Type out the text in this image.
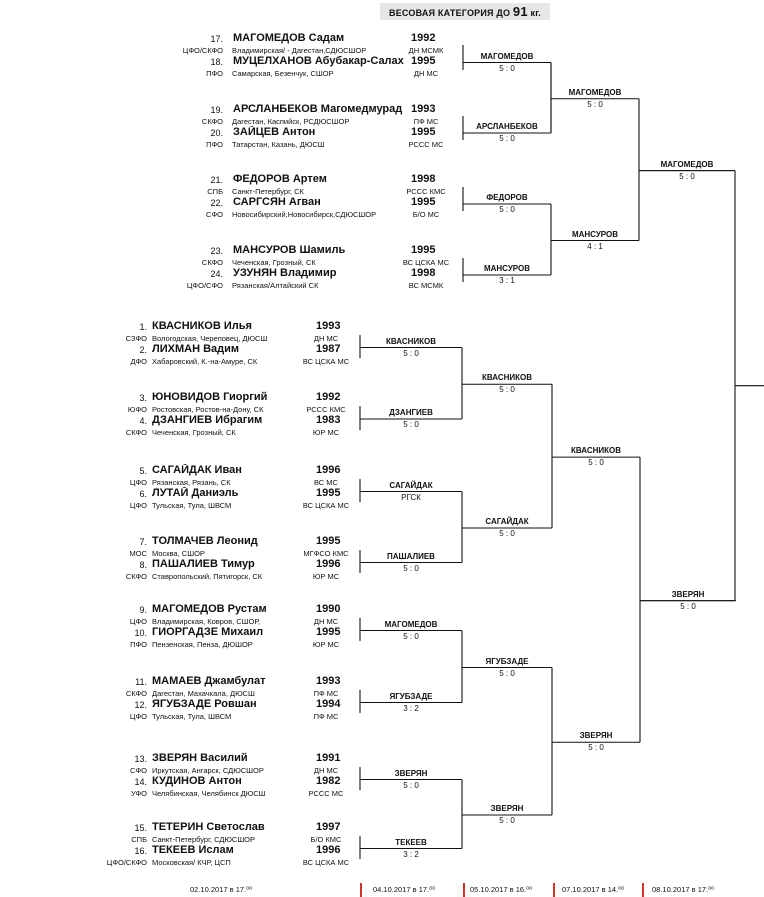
ВЕСОВАЯ КАТЕГОРИЯ ДО 91 кг.
17. МАГОМЕДОВ Садам
ЦФО/СКФО Владимирская/ - Дагестан,СДЮСШОР
1992
ДН МСМК
18. МУЦЕЛХАНОВ Абубакар-Салах
ПФО Самарская, Безенчук, СШОР
1995
ДН МС
19. АРСЛАНБЕКОВ Магомедмурад
СКФО Дагестан, Каспийск, РСДЮСШОР
1993
ПФ МС
20. ЗАЙЦЕВ Антон
ПФО Татарстан, Казань, ДЮСШ
1995
РССС МС
21. ФЕДОРОВ Артем
СПБ Санкт-Петербург, СК
1998
РССС КМС
22. САРГСЯН Агван
СФО Новосибирский,Новосибирск,СДЮСШОР
1995
Б/О МС
23. МАНСУРОВ Шамиль
СКФО Чеченская, Грозный, СК
1995
ВС ЦСКА МС
24. УЗУНЯН Владимир
ЦФО/СФО Рязанская/Алтайский СК
1998
ВС МСМК
1. КВАСНИКОВ Илья
СЗФО Вологодская, Череповец, ДЮСШ
1993
ДН МС
2. ЛИХМАН Вадим
ДФО Хабаровский, К.-на-Амуре, СК
1987
ВС ЦСКА МС
3. ЮНОВИДОВ Гиоргий
ЮФО Ростовская, Ростов-на-Дону, СК
1992
РССС КМС
4. ДЗАНГИЕВ Ибрагим
СКФО Чеченская, Грозный, СК
1983
ЮР МС
5. САГАЙДАК Иван
ЦФО Рязанская, Рязань, СК
1996
ВС МС
6. ЛУТАЙ Даниэль
ЦФО Тульская, Тула, ШВСМ
1995
ВС ЦСКА МС
7. ТОЛМАЧЕВ Леонид
МОС Москва, СШОР
1995
МГФСО КМС
8. ПАШАЛИЕВ Тимур
СКФО Ставропольский, Пятигорск, СК
1996
ЮР МС
9. МАГОМЕДОВ Рустам
ЦФО Владимирская, Ковров, СШОР,
1990
ДН МС
10. ГИОРГАДЗЕ Михаил
ПФО Пензенская, Пенза, ДЮШОР
1995
ЮР МС
11. МАМАЕВ Джамбулат
СКФО Дагестан, Махачкала, ДЮСШ
1993
ПФ МС
12. ЯГУБЗАДЕ Ровшан
ЦФО Тульская, Тула, ШВСМ
1994
ПФ МС
13. ЗВЕРЯН Василий
СФО Иркутская, Ангарск, СДЮСШОР
1991
ДН МС
14. КУДИНОВ Антон
УФО Челябинская, Челябинск ДЮСШ
1982
РССС МС
15. ТЕТЕРИН Светослав
СПБ Санкт-Петербург, СДЮСШОР
1997
Б/О КМС
16. ТЕКЕЕВ Ислам
ЦФО/СКФО Московская/ КЧР, ЦСП
1996
ВС ЦСКА МС
МАГОМЕДОВ
5 : 0
АРСЛАНБЕКОВ
5 : 0
ФЕДОРОВ
5 : 0
МАНСУРОВ
3 : 1
КВАСНИКОВ
5 : 0
ДЗАНГИЕВ
5 : 0
САГАЙДАК
РГСК
ПАШАЛИЕВ
5 : 0
МАГОМЕДОВ
5 : 0
ЯГУБЗАДЕ
3 : 2
ЗВЕРЯН
5 : 0
ТЕКЕЕВ
3 : 2
МАГОМЕДОВ
5 : 0
МАНСУРОВ
4 : 1
КВАСНИКОВ
5 : 0
САГАЙДАК
5 : 0
ЯГУБЗАДЕ
5 : 0
ЗВЕРЯН
5 : 0
МАГОМЕДОВ
5 : 0
КВАСНИКОВ
5 : 0
ЗВЕРЯН
5 : 0
ЗВЕРЯН
5 : 0
02.10.2017 в 17.⁰⁰	04.10.2017 в 17.⁰⁰	05.10.2017 в 16.⁰⁰	07.10.2017 в 14.⁰⁰	08.10.2017 в 17.⁰⁰
